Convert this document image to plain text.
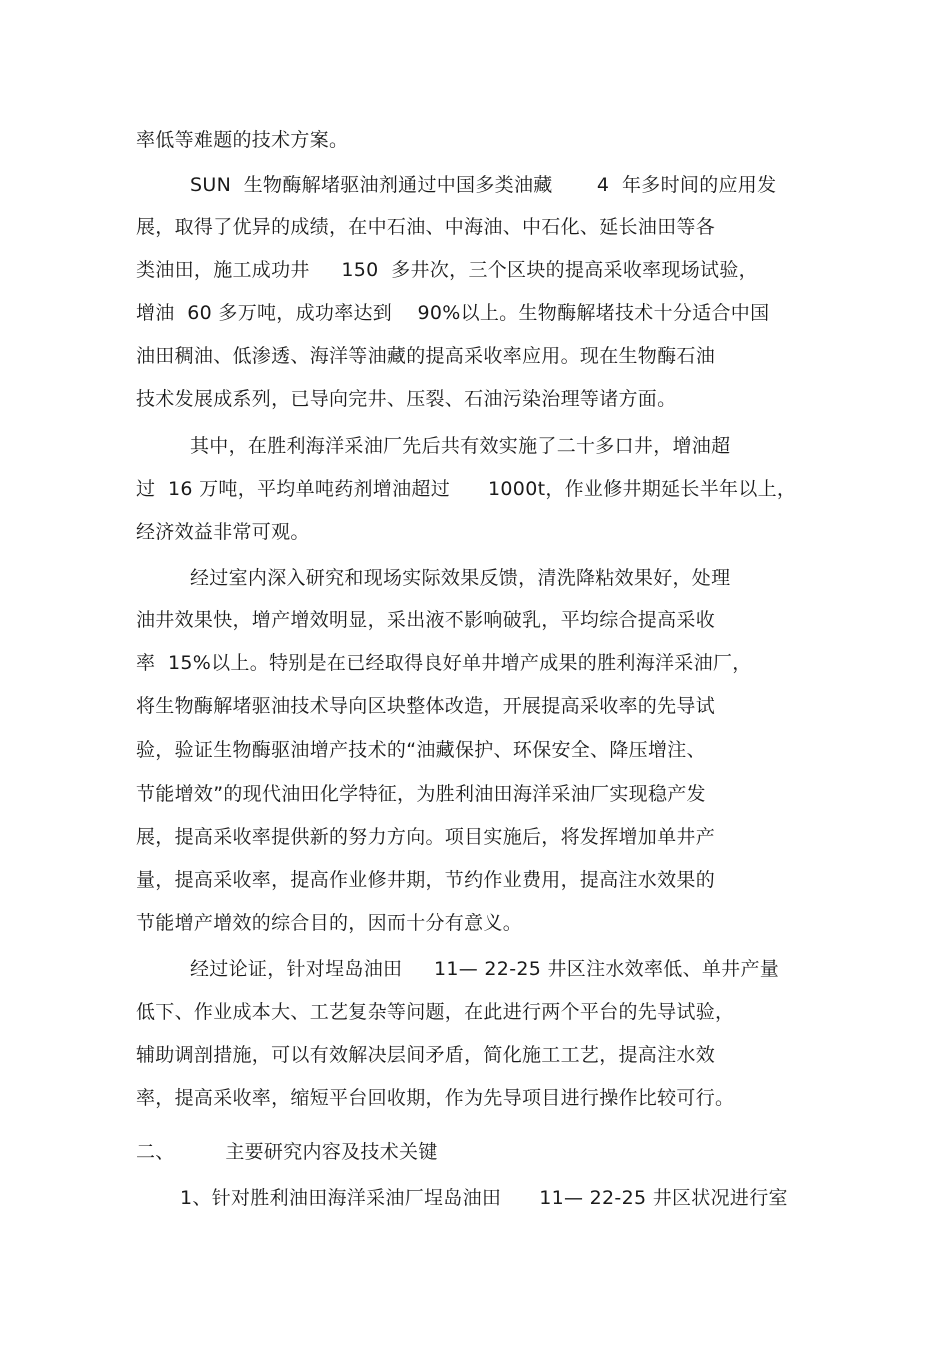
率低等难题的技术方案。
SUN  生物酶解堵驱油剂通过中国多类油藏       4  年多时间的应用发
展，取得了优异的成绩，在中石油、中海油、中石化、延长油田等各
类油田，施工成功井     150  多井次，三个区块的提高采收率现场试验，
增油  60 多万吨，成功率达到    90%以上。生物酶解堵技术十分适合中国
油田稠油、低渗透、海洋等油藏的提高采收率应用。现在生物酶石油
技术发展成系列，已导向完井、压裂、石油污染治理等诸方面。
其中，在胜利海洋采油厂先后共有效实施了二十多口井，增油超
过  16 万吨，平均单吨药剂增油超过      1000t，作业修井期延长半年以上，
经济效益非常可观。
经过室内深入研究和现场实际效果反馈，清洗降粘效果好，处理
油井效果快，增产增效明显，采出液不影响破乳，平均综合提高采收
率  15%以上。特别是在已经取得良好单井增产成果的胜利海洋采油厂，
将生物酶解堵驱油技术导向区块整体改造，开展提高采收率的先导试
验，验证生物酶驱油增产技术的“油藏保护、环保安全、降压增注、
节能增效”的现代油田化学特征，为胜利油田海洋采油厂实现稳产发
展，提高采收率提供新的努力方向。项目实施后，将发挥增加单井产
量，提高采收率，提高作业修井期，节约作业费用，提高注水效果的
节能增产增效的综合目的，因而十分有意义。
经过论证，针对埕岛油田     11— 22-25 井区注水效率低、单井产量
低下、作业成本大、工艺复杂等问题，在此进行两个平台的先导试验，
辅助调剖措施，可以有效解决层间矛盾，简化施工工艺，提高注水效
率，提高采收率，缩短平台回收期，作为先导项目进行操作比较可行。
二、        主要研究内容及技术关键
1、针对胜利油田海洋采油厂埕岛油田      11— 22-25 井区状况进行室
